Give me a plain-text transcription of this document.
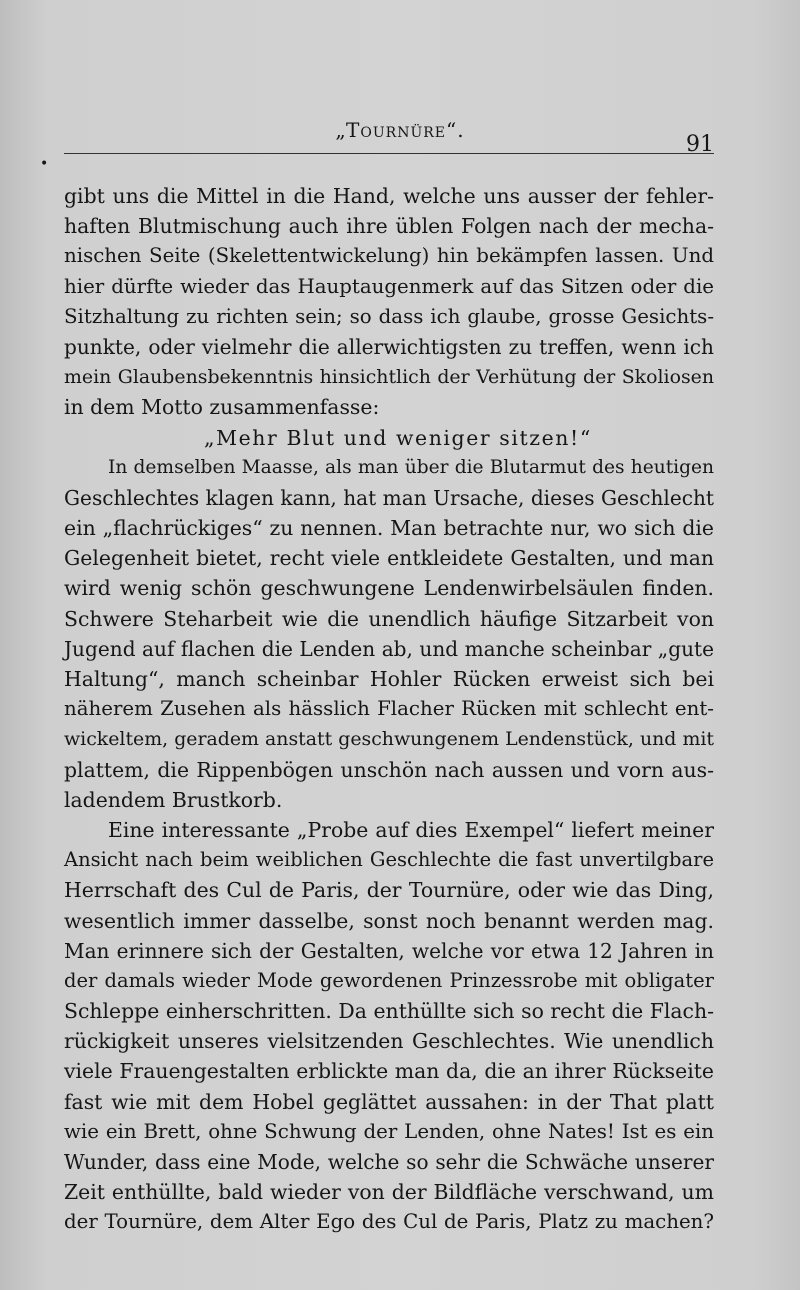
„Tournüre“.
91
•
gibt uns die Mittel in die Hand, welche uns ausser der fehler-
haften Blutmischung auch ihre üblen Folgen nach der mecha-
nischen Seite (Skelettentwickelung) hin bekämpfen lassen. Und
hier dürfte wieder das Hauptaugenmerk auf das Sitzen oder die
Sitzhaltung zu richten sein; so dass ich glaube, grosse Gesichts-
punkte, oder vielmehr die allerwichtigsten zu treffen, wenn ich
mein Glaubensbekenntnis hinsichtlich der Verhütung der Skoliosen
in dem Motto zusammenfasse:
„Mehr Blut und weniger sitzen!“
In demselben Maasse, als man über die Blutarmut des heutigen
Geschlechtes klagen kann, hat man Ursache, dieses Geschlecht
ein „flachrückiges“ zu nennen. Man betrachte nur, wo sich die
Gelegenheit bietet, recht viele entkleidete Gestalten, und man
wird wenig schön geschwungene Lendenwirbelsäulen finden.
Schwere Steharbeit wie die unendlich häufige Sitzarbeit von
Jugend auf flachen die Lenden ab, und manche scheinbar „gute
Haltung“, manch scheinbar Hohler Rücken erweist sich bei
näherem Zusehen als hässlich Flacher Rücken mit schlecht ent-
wickeltem, geradem anstatt geschwungenem Lendenstück, und mit
plattem, die Rippenbögen unschön nach aussen und vorn aus-
ladendem Brustkorb.
Eine interessante „Probe auf dies Exempel“ liefert meiner
Ansicht nach beim weiblichen Geschlechte die fast unvertilgbare
Herrschaft des Cul de Paris, der Tournüre, oder wie das Ding,
wesentlich immer dasselbe, sonst noch benannt werden mag.
Man erinnere sich der Gestalten, welche vor etwa 12 Jahren in
der damals wieder Mode gewordenen Prinzessrobe mit obligater
Schleppe einherschritten. Da enthüllte sich so recht die Flach-
rückigkeit unseres vielsitzenden Geschlechtes. Wie unendlich
viele Frauengestalten erblickte man da, die an ihrer Rückseite
fast wie mit dem Hobel geglättet aussahen: in der That platt
wie ein Brett, ohne Schwung der Lenden, ohne Nates! Ist es ein
Wunder, dass eine Mode, welche so sehr die Schwäche unserer
Zeit enthüllte, bald wieder von der Bildfläche verschwand, um
der Tournüre, dem Alter Ego des Cul de Paris, Platz zu machen?
